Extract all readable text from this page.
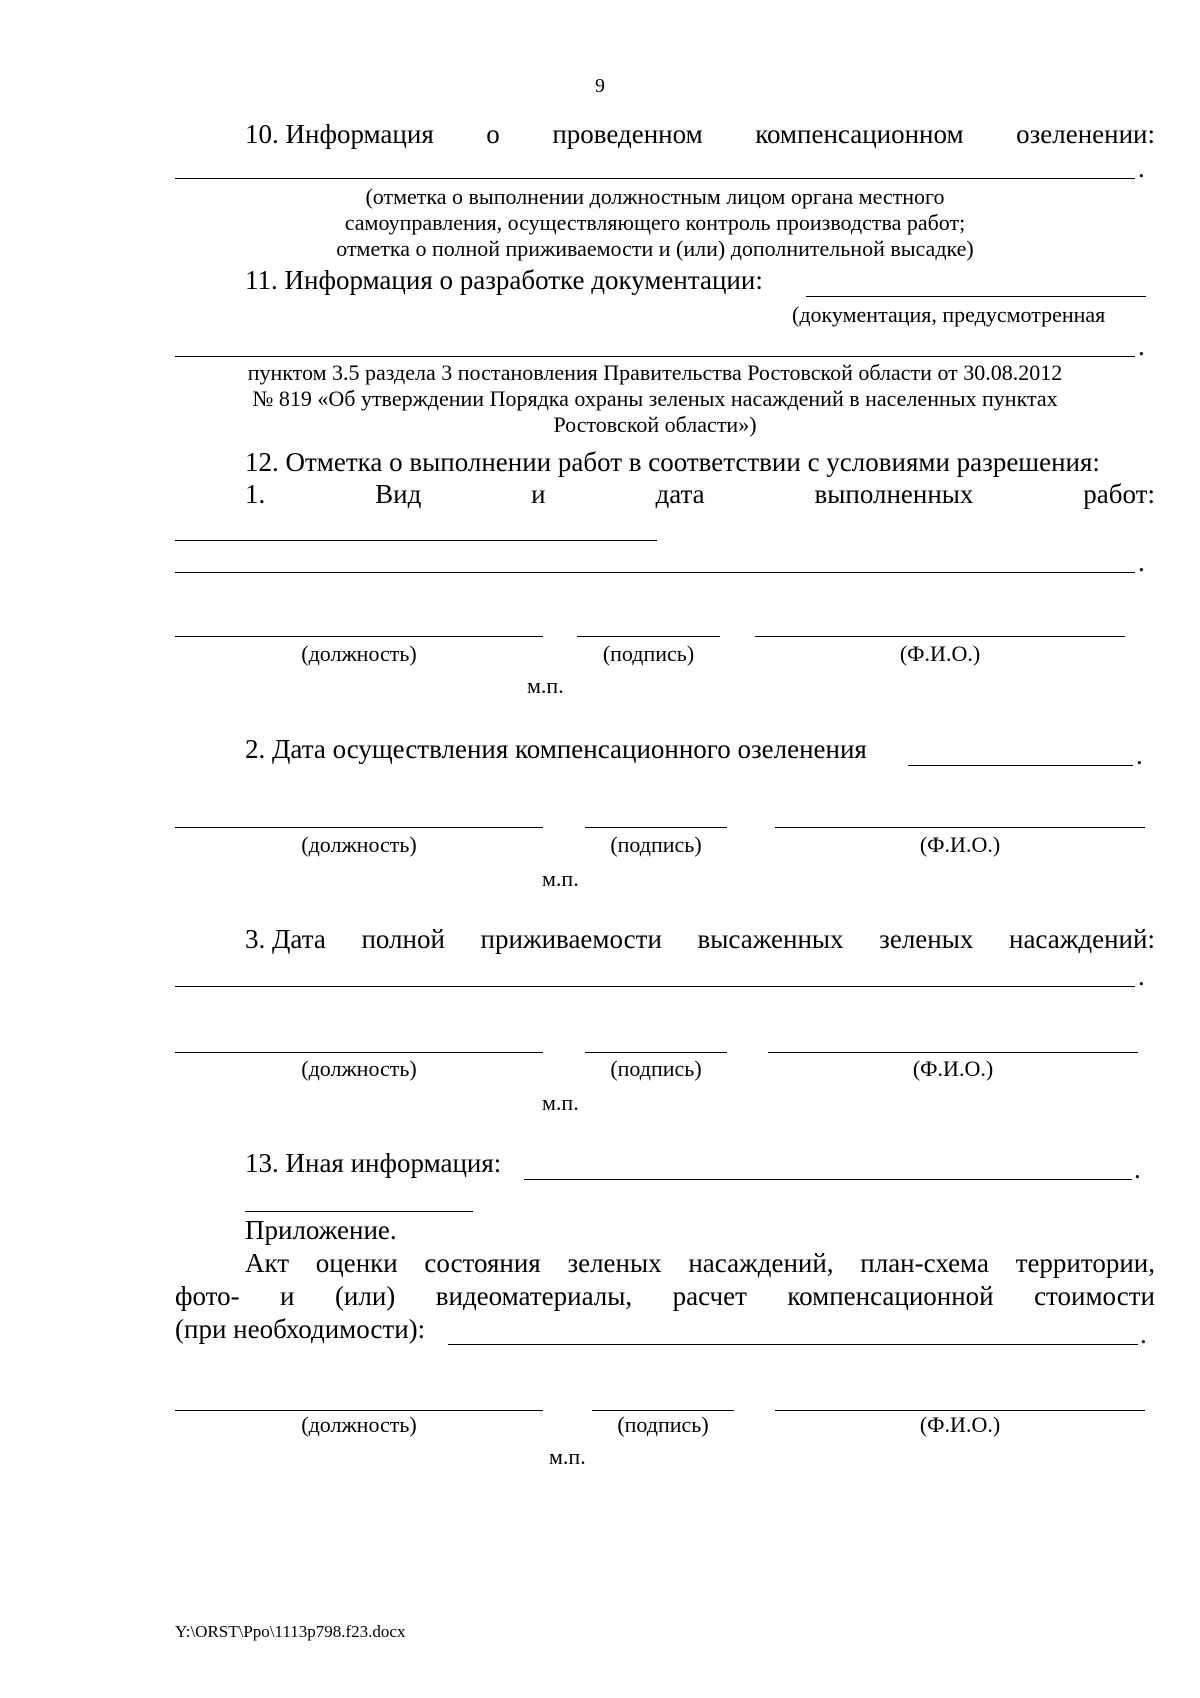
9
10. Информация о проведенном компенсационном озеленении:
.
(отметка о выполнении должностным лицом органа местного
самоуправления, осуществляющего контроль производства работ;
отметка о полной приживаемости и (или) дополнительной высадке)
11. Информация о разработке документации:
(документация, предусмотренная
.
пунктом 3.5 раздела 3 постановления Правительства Ростовской области от 30.08.2012
№ 819 «Об утверждении Порядка охраны зеленых насаждений в населенных пунктах
Ростовской области»)
12. Отметка о выполнении работ в соответствии с условиями разрешения:
1.	Вид	и	дата	выполненных	работ:
.
(должность)	(подпись)	(Ф.И.О.)
м.п.
2. Дата осуществления компенсационного озеленения	.
(должность)	(подпись)	(Ф.И.О.)
м.п.
3. Дата полной приживаемости высаженных зеленых насаждений:
.
(должность)	(подпись)	(Ф.И.О.)
м.п.
13. Иная информация:	.
Приложение.
Акт оценки состояния зеленых насаждений, план-схема территории,
фото- и (или) видеоматериалы, расчет компенсационной стоимости
(при необходимости):	.
(должность)	(подпись)	(Ф.И.О.)
м.п.
Y:\ORST\Ppo\1113p798.f23.docx
